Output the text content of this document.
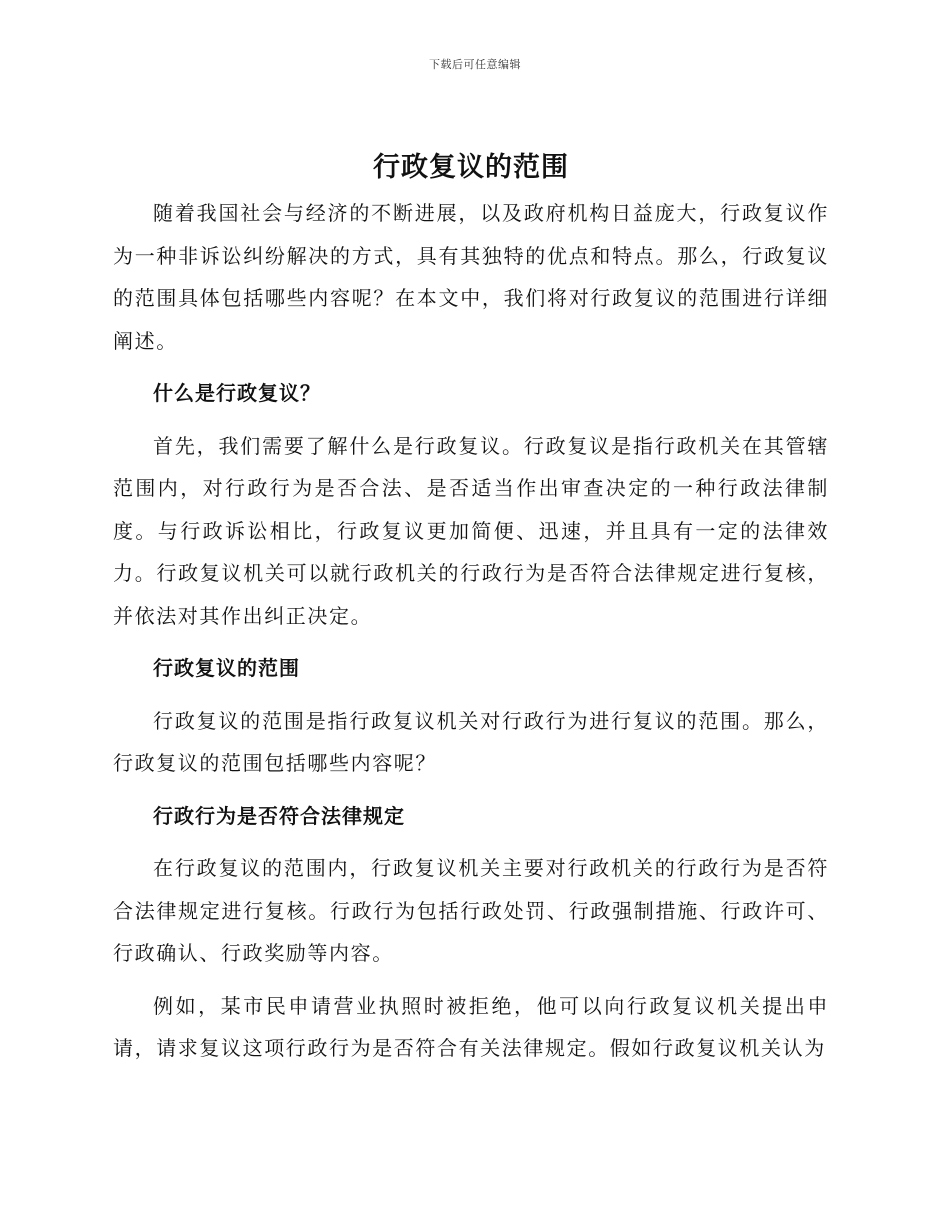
下载后可任意编辑
行政复议的范围

随着我国社会与经济的不断进展，以及政府机构日益庞大，行政复议作为一种非诉讼纠纷解决的方式，具有其独特的优点和特点。那么，行政复议的范围具体包括哪些内容呢？在本文中，我们将对行政复议的范围进行详细阐述。

什么是行政复议？

首先，我们需要了解什么是行政复议。行政复议是指行政机关在其管辖范围内，对行政行为是否合法、是否适当作出审查决定的一种行政法律制度。与行政诉讼相比，行政复议更加简便、迅速，并且具有一定的法律效力。行政复议机关可以就行政机关的行政行为是否符合法律规定进行复核，并依法对其作出纠正决定。

行政复议的范围

行政复议的范围是指行政复议机关对行政行为进行复议的范围。那么，行政复议的范围包括哪些内容呢？

行政行为是否符合法律规定

在行政复议的范围内，行政复议机关主要对行政机关的行政行为是否符合法律规定进行复核。行政行为包括行政处罚、行政强制措施、行政许可、行政确认、行政奖励等内容。

例如，某市民申请营业执照时被拒绝，他可以向行政复议机关提出申请，请求复议这项行政行为是否符合有关法律规定。假如行政复议机关认为
